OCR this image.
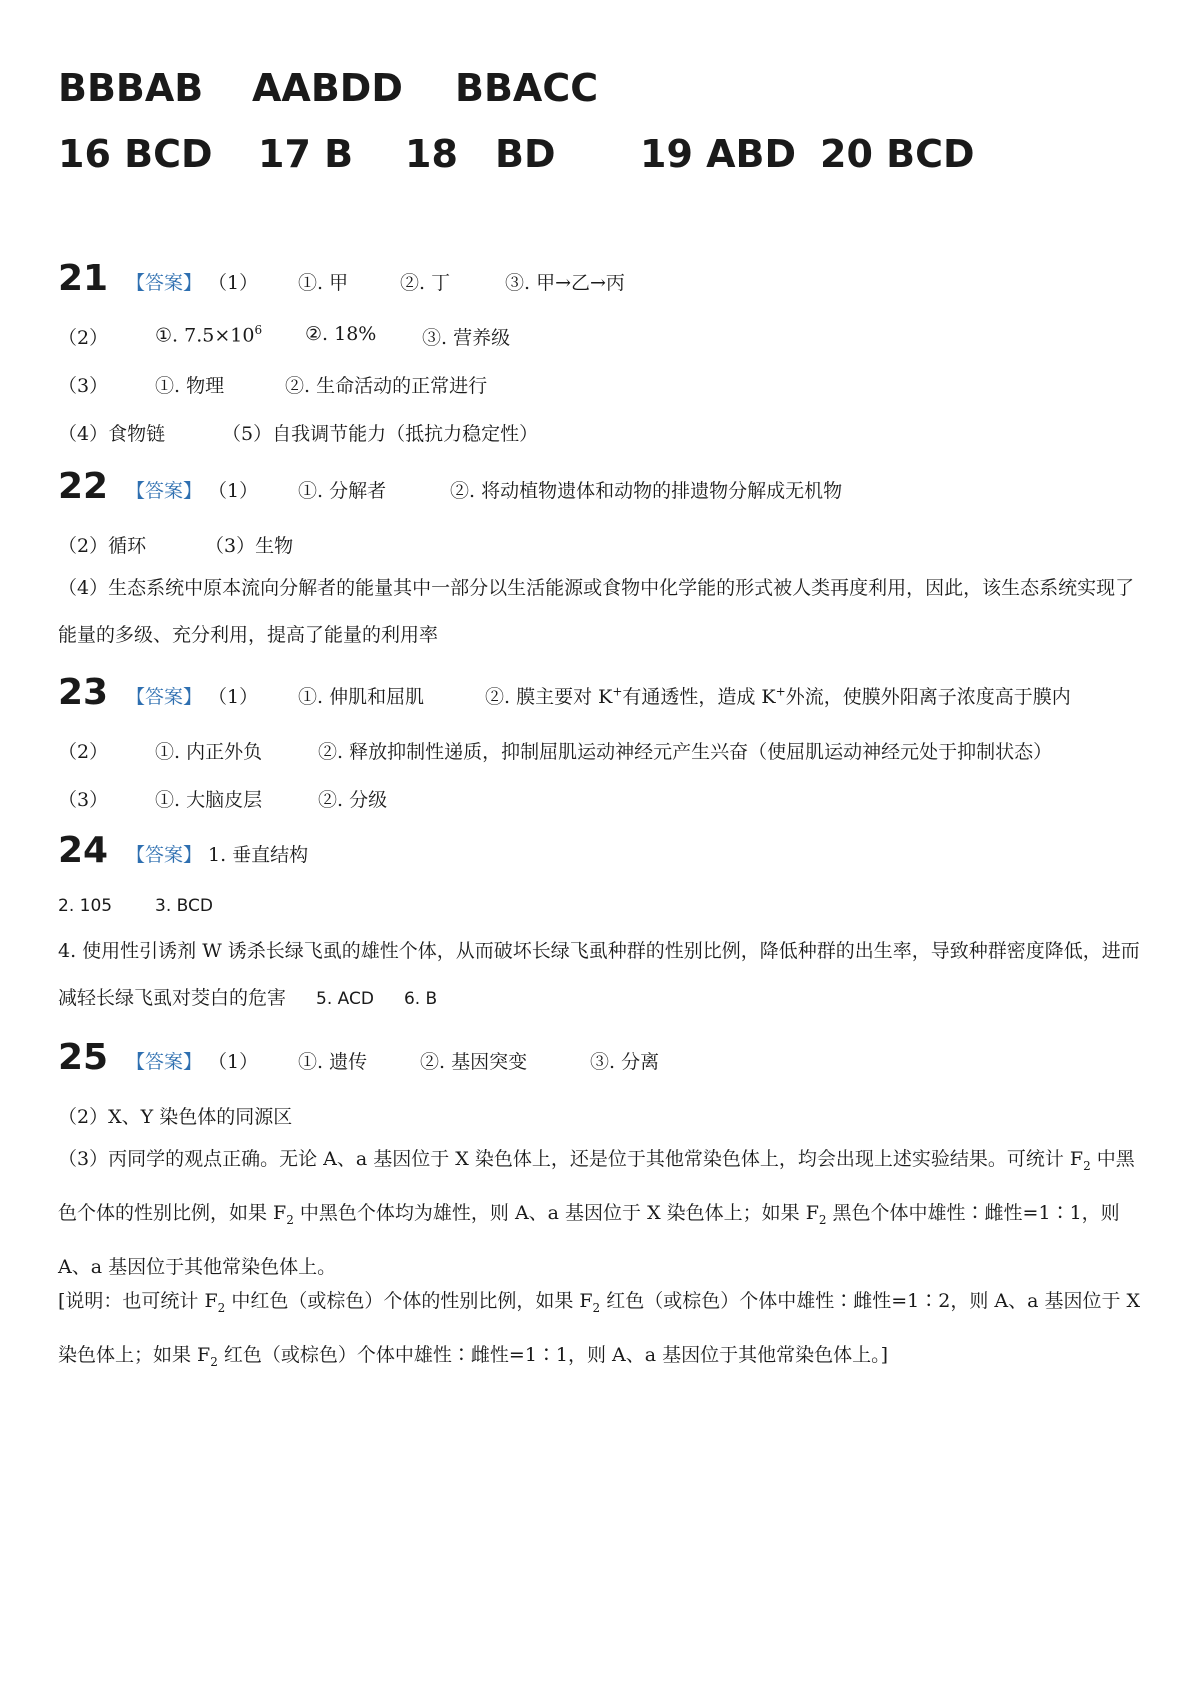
BBBAB AABDD BBACC
16 BCD 17 B 18 BD 19 ABD 20 BCD
21 【答案】 （1） ①. 甲	②. 丁	③. 甲→乙→丙
（2） ①. $7.5\times 10^6$ ②. 18% ③. 营养级
（3） ①. 物理	②. 生命活动的正常进行
（4）食物链	（5）自我调节能力（抵抗力稳定性）
22 【答案】 （1） ①. 分解者	②. 将动植物遗体和动物的排遗物分解成无机物
（2）循环	（3）生物
（4）生态系统中原本流向分解者的能量其中一部分以生活能源或食物中化学能的形式被人类再度利用，因此，该生态系统实现了能量的多级、充分利用，提高了能量的利用率
23 【答案】 （1） ①. 伸肌和屈肌	②. 膜主要对 K+有通透性，造成 K+外流，使膜外阳离子浓度高于膜内
（2） ①. 内正外负	②. 释放抑制性递质，抑制屈肌运动神经元产生兴奋（使屈肌运动神经元处于抑制状态）
（3） ①. 大脑皮层	②. 分级
24 【答案】 1. 垂直结构
2. 105	3. BCD
4. 使用性引诱剂 W 诱杀长绿飞虱的雄性个体，从而破坏长绿飞虱种群的性别比例，降低种群的出生率，导致种群密度降低，进而减轻长绿飞虱对茭白的危害 5. ACD 6. B
25 【答案】 （1） ①. 遗传	②. 基因突变	③. 分离
（2）X、Y 染色体的同源区
（3）丙同学的观点正确。无论 A、a 基因位于 X 染色体上，还是位于其他常染色体上，均会出现上述实验结果。可统计 $F_2$ 中黑色个体的性别比例，如果 $F_2$ 中黑色个体均为雄性，则 A、a 基因位于 X 染色体上；如果 $F_2$ 黑色个体中雄性∶雌性=1∶1，则 A、a 基因位于其他常染色体上。
[说明：也可统计 $F_2$ 中红色（或棕色）个体的性别比例，如果 $F_2$ 红色（或棕色）个体中雄性∶雌性=1∶2，则 A、a 基因位于 X 染色体上；如果 $F_2$ 红色（或棕色）个体中雄性∶雌性=1∶1，则 A、a 基因位于其他常染色体上。]
